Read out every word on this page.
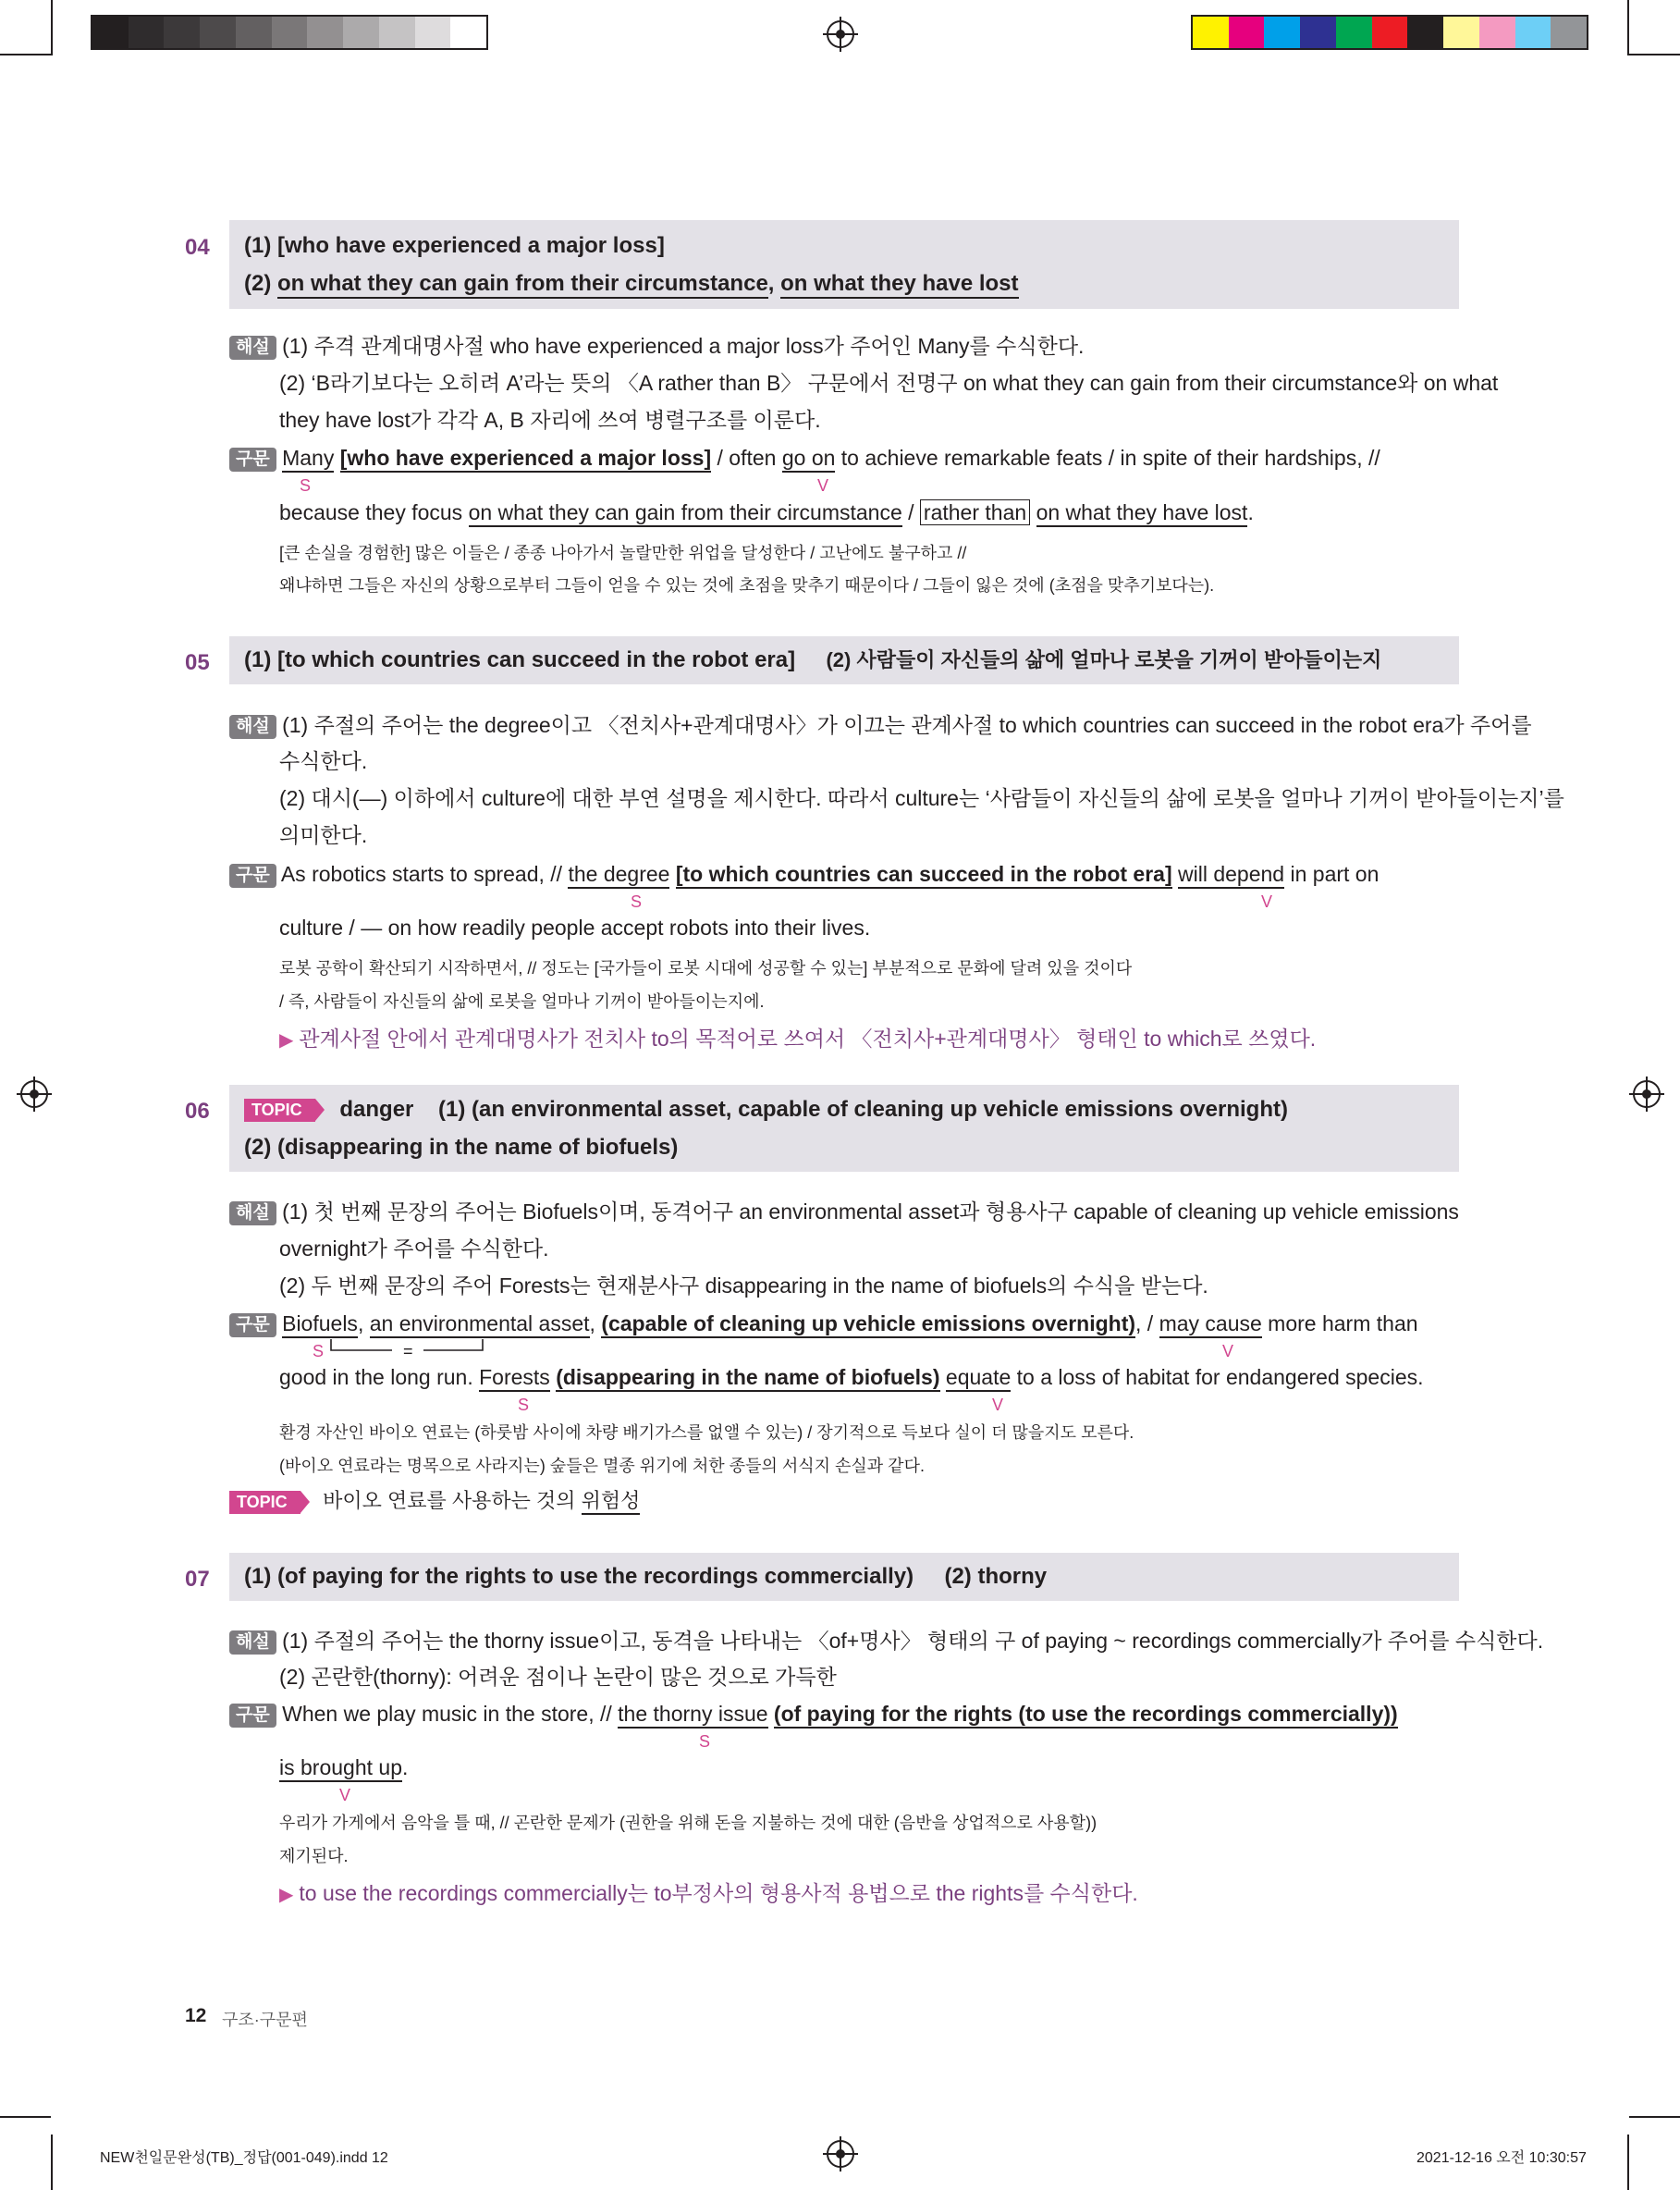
04 (1) [who have experienced a major loss]
(2) on what they can gain from their circumstance, on what they have lost
해설 (1) 주격 관계대명사절 who have experienced a major loss가 주어인 Many를 수식한다.
(2) ‘B라기보다는 오히려 A’라는 뜻의 〈A rather than B〉 구문에서 전명구 on what they can gain from their circumstance와 on what
they have lost가 각각 A, B 자리에 쓰여 병렬구조를 이룬다.
구문 Many [who have experienced a major loss] / often go on to achieve remarkable feats / in spite of their hardships, //
S	V
because they focus on what they can gain from their circumstance / rather than on what they have lost.
[큰 손실을 경험한] 많은 이들은 / 종종 나아가서 놀랄만한 위업을 달성한다 / 고난에도 불구하고 //
왜냐하면 그들은 자신의 상황으로부터 그들이 얻을 수 있는 것에 초점을 맞추기 때문이다 / 그들이 잃은 것에 (초점을 맞추기보다는).
05 (1) [to which countries can succeed in the robot era] (2) 사람들이 자신들의 삶에 얼마나 로봇을 기꺼이 받아들이는지
해설 (1) 주절의 주어는 the degree이고 〈전치사+관계대명사〉가 이끄는 관계사절 to which countries can succeed in the robot era가 주어를
수식한다.
(2) 대시(—) 이하에서 culture에 대한 부연 설명을 제시한다. 따라서 culture는 ‘사람들이 자신들의 삶에 로봇을 얼마나 기꺼이 받아들이는지’를
의미한다.
구문 As robotics starts to spread, // the degree [to which countries can succeed in the robot era] will depend in part on
S	V
culture / — on how readily people accept robots into their lives.
로봇 공학이 확산되기 시작하면서, // 정도는 [국가들이 로봇 시대에 성공할 수 있는] 부분적으로 문화에 달려 있을 것이다
/ 즉, 사람들이 자신들의 삶에 로봇을 얼마나 기꺼이 받아들이는지에.
▶ 관계사절 안에서 관계대명사가 전치사 to의 목적어로 쓰여서 〈전치사+관계대명사〉 형태인 to which로 쓰였다.
06	TOPIC danger (1) (an environmental asset, capable of cleaning up vehicle emissions overnight)
(2) (disappearing in the name of biofuels)
해설 (1) 첫 번째 문장의 주어는 Biofuels이며, 동격어구 an environmental asset과 형용사구 capable of cleaning up vehicle emissions
overnight가 주어를 수식한다.
(2) 두 번째 문장의 주어 Forests는 현재분사구 disappearing in the name of biofuels의 수식을 받는다.
구문 Biofuels, an environmental asset, (capable of cleaning up vehicle emissions overnight), / may cause more harm than
S	=	V
good in the long run. Forests (disappearing in the name of biofuels) equate to a loss of habitat for endangered species.
S	V
환경 자산인 바이오 연료는 (하룻밤 사이에 차량 배기가스를 없앨 수 있는) / 장기적으로 득보다 실이 더 많을지도 모른다.
(바이오 연료라는 명목으로 사라지는) 숲들은 멸종 위기에 처한 종들의 서식지 손실과 같다.
TOPIC 바이오 연료를 사용하는 것의 위험성
07 (1) (of paying for the rights to use the recordings commercially) (2) thorny
해설 (1) 주절의 주어는 the thorny issue이고, 동격을 나타내는 〈of+명사〉 형태의 구 of paying ~ recordings commercially가 주어를 수식한다.
(2) 곤란한(thorny): 어려운 점이나 논란이 많은 것으로 가득한
구문 When we play music in the store, // the thorny issue (of paying for the rights (to use the recordings commercially))
S
is brought up.
V
우리가 가게에서 음악을 틀 때, // 곤란한 문제가 (권한을 위해 돈을 지불하는 것에 대한 (음반을 상업적으로 사용할))
제기된다.
▶ to use the recordings commercially는 to부정사의 형용사적 용법으로 the rights를 수식한다.
12 구조·구문편
NEW천일문완성(TB)_정답(001-049).indd 12	2021-12-16 오전 10:30:57
